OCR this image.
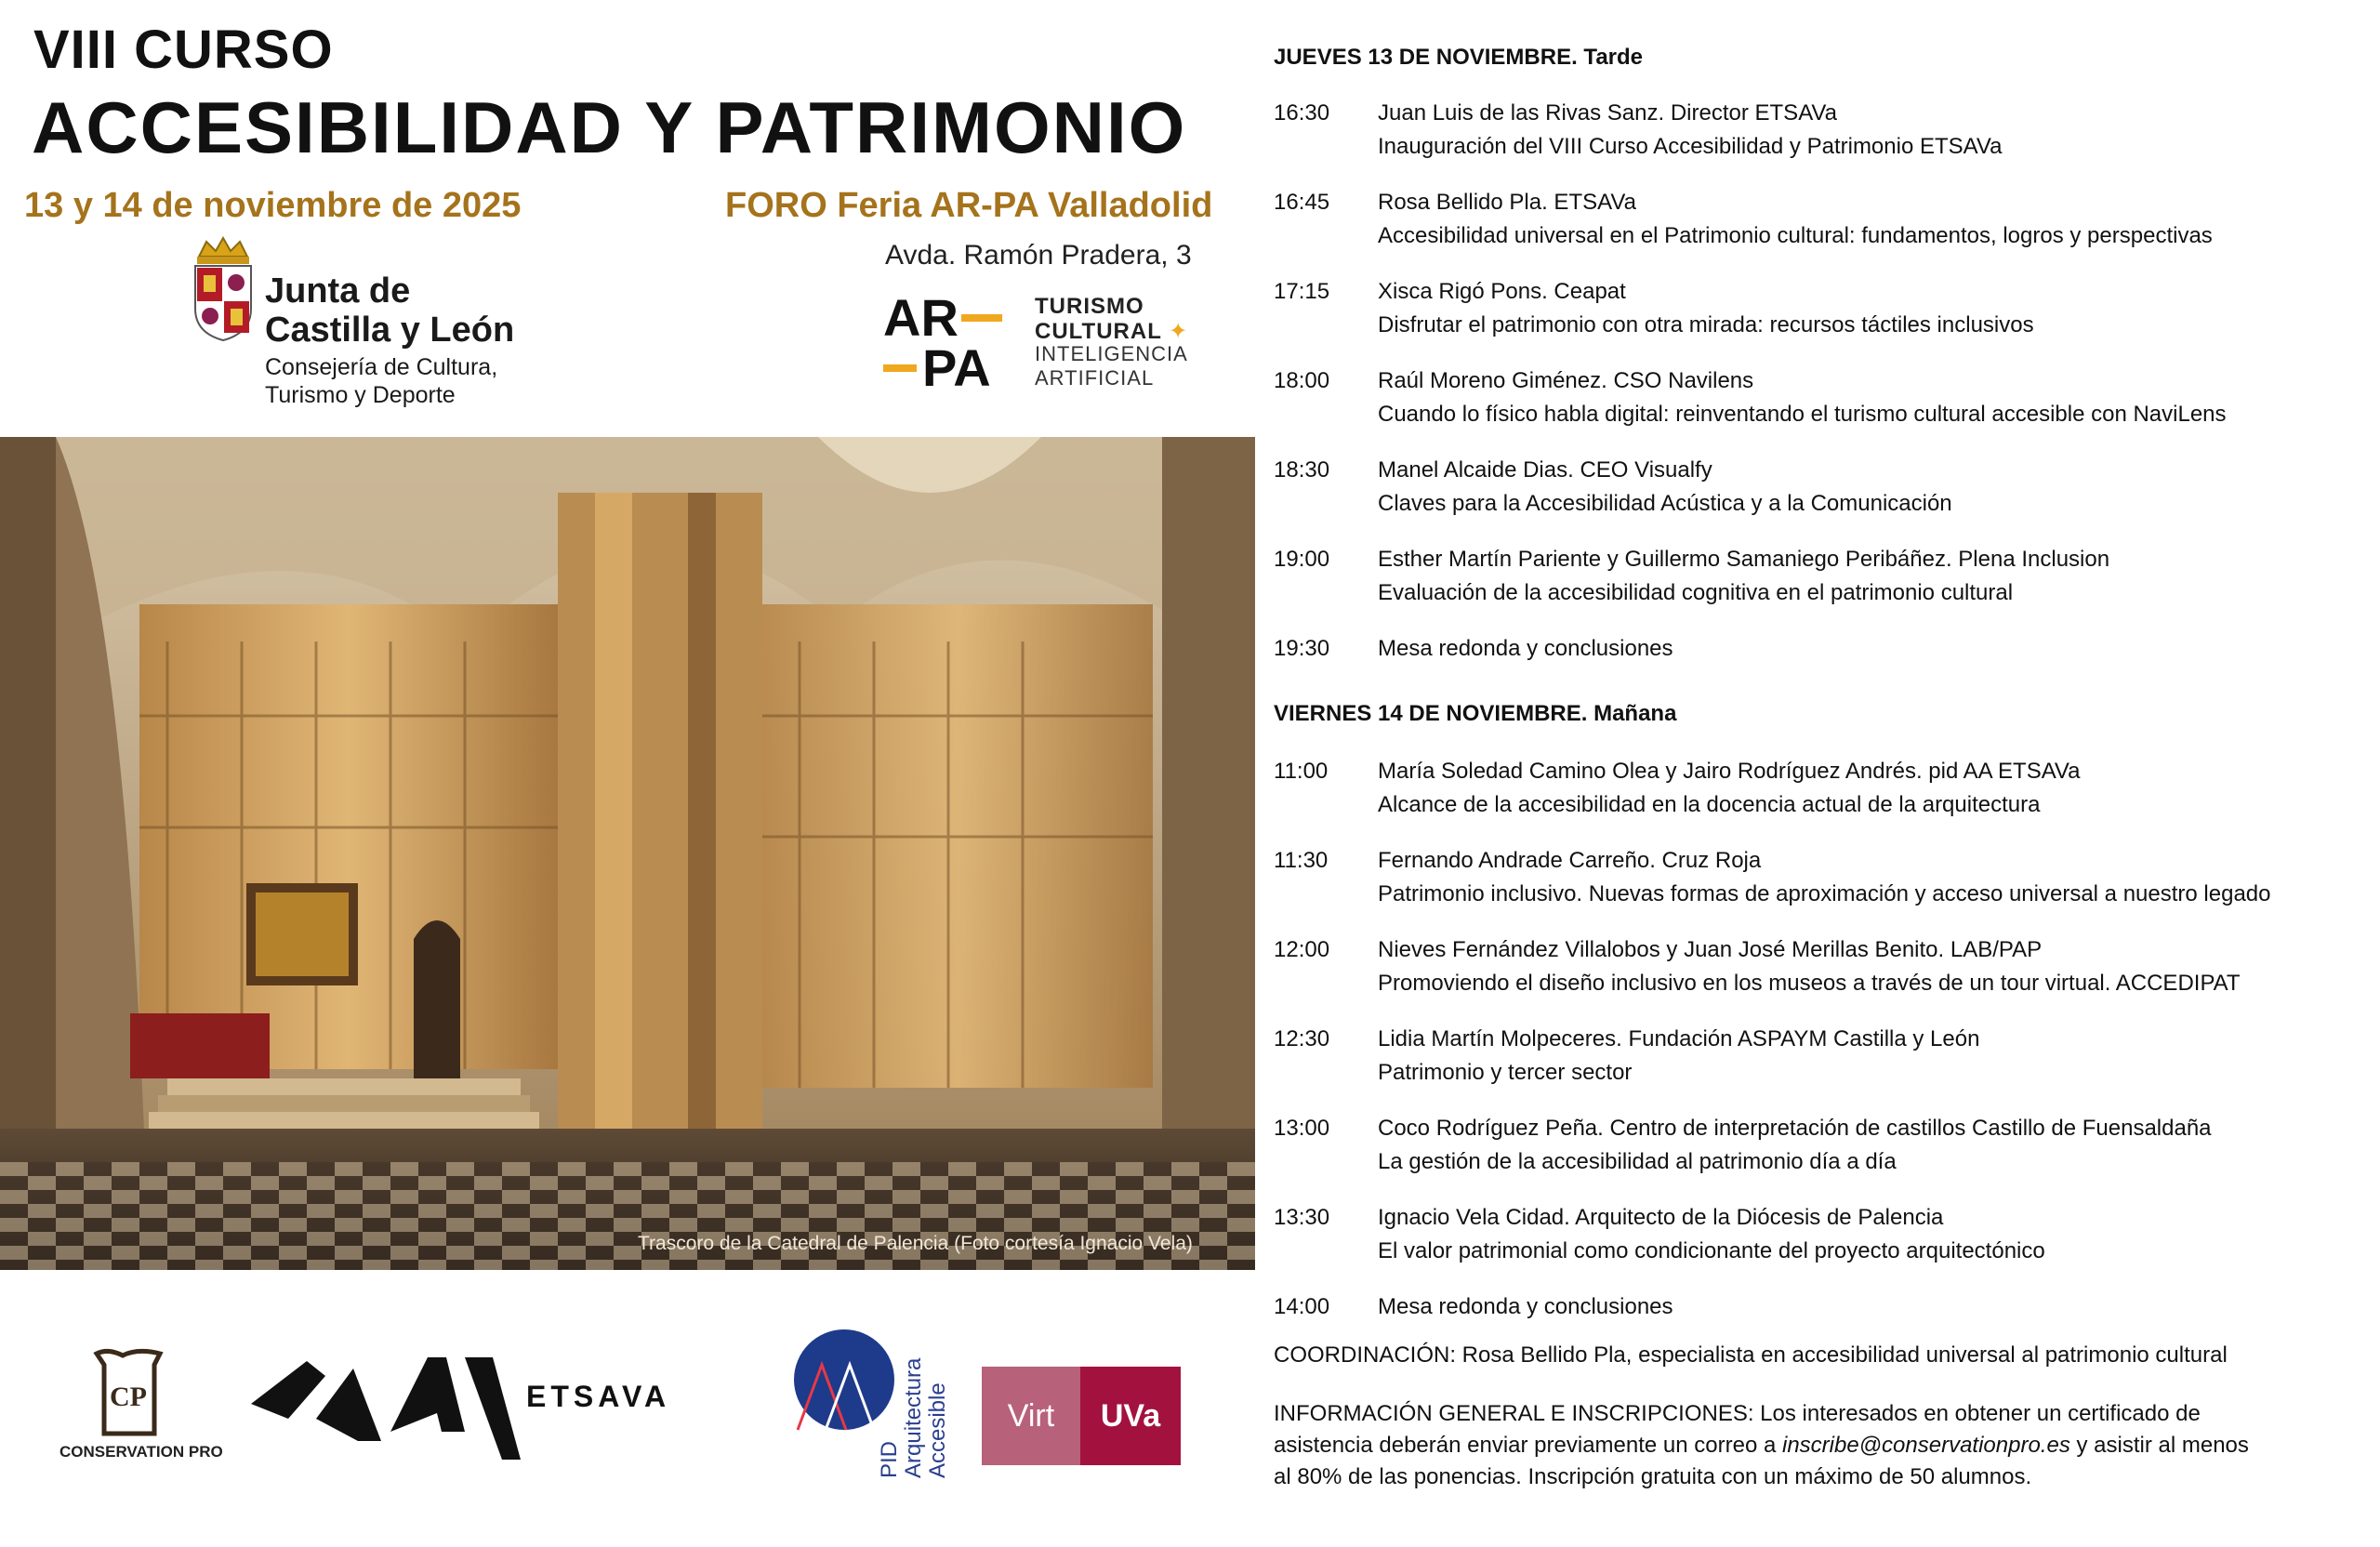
VIII CURSO
ACCESIBILIDAD Y PATRIMONIO
13 y 14 de noviembre de 2025	FORO Feria AR-PA Valladolid
Avda. Ramón Pradera, 3
Junta de
Castilla y León
Consejería de Cultura,
Turismo y Deporte
AR
PA
TURISMO
CULTURAL ✦
INTELIGENCIA
ARTIFICIAL
Trascoro de la Catedral de Palencia (Foto cortesía Ignacio Vela)
CP
CONSERVATION PRO
ETSAVA
PID Arquitectura Accesible	Virt	UVa
JUEVES 13 DE NOVIEMBRE. Tarde
16:30 Juan Luis de las Rivas Sanz. Director ETSAVa
Inauguración del VIII Curso Accesibilidad y Patrimonio ETSAVa
16:45 Rosa Bellido Pla. ETSAVa
Accesibilidad universal en el Patrimonio cultural: fundamentos, logros y perspectivas
17:15 Xisca Rigó Pons. Ceapat
Disfrutar el patrimonio con otra mirada: recursos táctiles inclusivos
18:00 Raúl Moreno Giménez. CSO Navilens
Cuando lo físico habla digital: reinventando el turismo cultural accesible con NaviLens
18:30 Manel Alcaide Dias. CEO Visualfy
Claves para la Accesibilidad Acústica y a la Comunicación
19:00 Esther Martín Pariente y Guillermo Samaniego Peribáñez. Plena Inclusion
Evaluación de la accesibilidad cognitiva en el patrimonio cultural
19:30 Mesa redonda y conclusiones
VIERNES 14 DE NOVIEMBRE. Mañana
11:00 María Soledad Camino Olea y Jairo Rodríguez Andrés. pid AA ETSAVa
Alcance de la accesibilidad en la docencia actual de la arquitectura
11:30 Fernando Andrade Carreño. Cruz Roja
Patrimonio inclusivo. Nuevas formas de aproximación y acceso universal a nuestro legado
12:00 Nieves Fernández Villalobos y Juan José Merillas Benito. LAB/PAP
Promoviendo el diseño inclusivo en los museos a través de un tour virtual. ACCEDIPAT
12:30 Lidia Martín Molpeceres. Fundación ASPAYM Castilla y León
Patrimonio y tercer sector
13:00 Coco Rodríguez Peña. Centro de interpretación de castillos Castillo de Fuensaldaña
La gestión de la accesibilidad al patrimonio día a día
13:30 Ignacio Vela Cidad. Arquitecto de la Diócesis de Palencia
El valor patrimonial como condicionante del proyecto arquitectónico
14:00 Mesa redonda y conclusiones
COORDINACIÓN: Rosa Bellido Pla, especialista en accesibilidad universal al patrimonio cultural

INFORMACIÓN GENERAL E INSCRIPCIONES: Los interesados en obtener un certificado de

asistencia deberán enviar previamente un correo a inscribe@conservationpro.es y asistir al menos

al 80% de las ponencias. Inscripción gratuita con un máximo de 50 alumnos.
